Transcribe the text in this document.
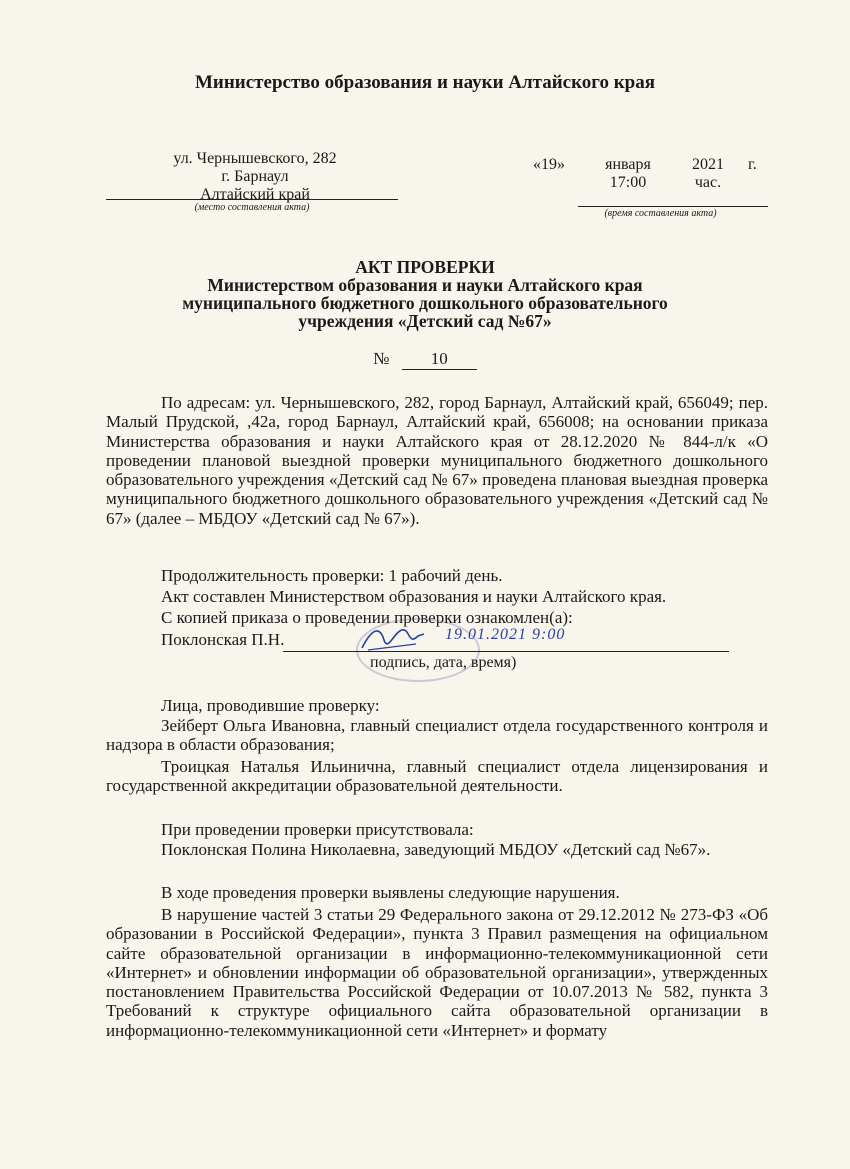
Министерство образования и науки Алтайского края
ул. Чернышевского, 282
г. Барнаул
Алтайский край
(место составления акта)
«19»	января
17:00
2021
час.
г.
(время составления акта)
АКТ ПРОВЕРКИ
Министерством образования и науки Алтайского края
муниципального бюджетного дошкольного образовательного
учреждения «Детский сад №67»
№ 10
По адресам: ул. Чернышевского, 282, город Барнаул, Алтайский край, 656049; пер. Малый Прудской, ,42а, город Барнаул, Алтайский край, 656008; на основании приказа Министерства образования и науки Алтайского края от 28.12.2020 № 844-л/к «О проведении плановой выездной проверки муниципального бюджетного дошкольного образовательного учреждения «Детский сад № 67» проведена плановая выездная проверка муниципального бюджетного дошкольного образовательного учреждения «Детский сад № 67» (далее – МБДОУ «Детский сад № 67»).
Продолжительность проверки: 1 рабочий день.
Акт составлен Министерством образования и науки Алтайского края.
С копией приказа о проведении проверки ознакомлен(а):
Поклонская П.Н.	19.01.2021 9:00
подпись, дата, время)
Лица, проводившие проверку:
Зейберт Ольга Ивановна, главный специалист отдела государственного контроля и надзора в области образования;
Троицкая Наталья Ильинична, главный специалист отдела лицензирования и государственной аккредитации образовательной деятельности.
При проведении проверки присутствовала:
Поклонская Полина Николаевна, заведующий МБДОУ «Детский сад №67».
В ходе проведения проверки выявлены следующие нарушения.
В нарушение частей 3 статьи 29 Федерального закона от 29.12.2012 № 273-ФЗ «Об образовании в Российской Федерации», пункта 3 Правил размещения на официальном сайте образовательной организации в информационно-телекоммуникационной сети «Интернет» и обновлении информации об образовательной организации», утвержденных постановлением Правительства Российской Федерации от 10.07.2013 № 582, пункта 3 Требований к структуре официального сайта образовательной организации в информационно-телекоммуникационной сети «Интернет» и формату
